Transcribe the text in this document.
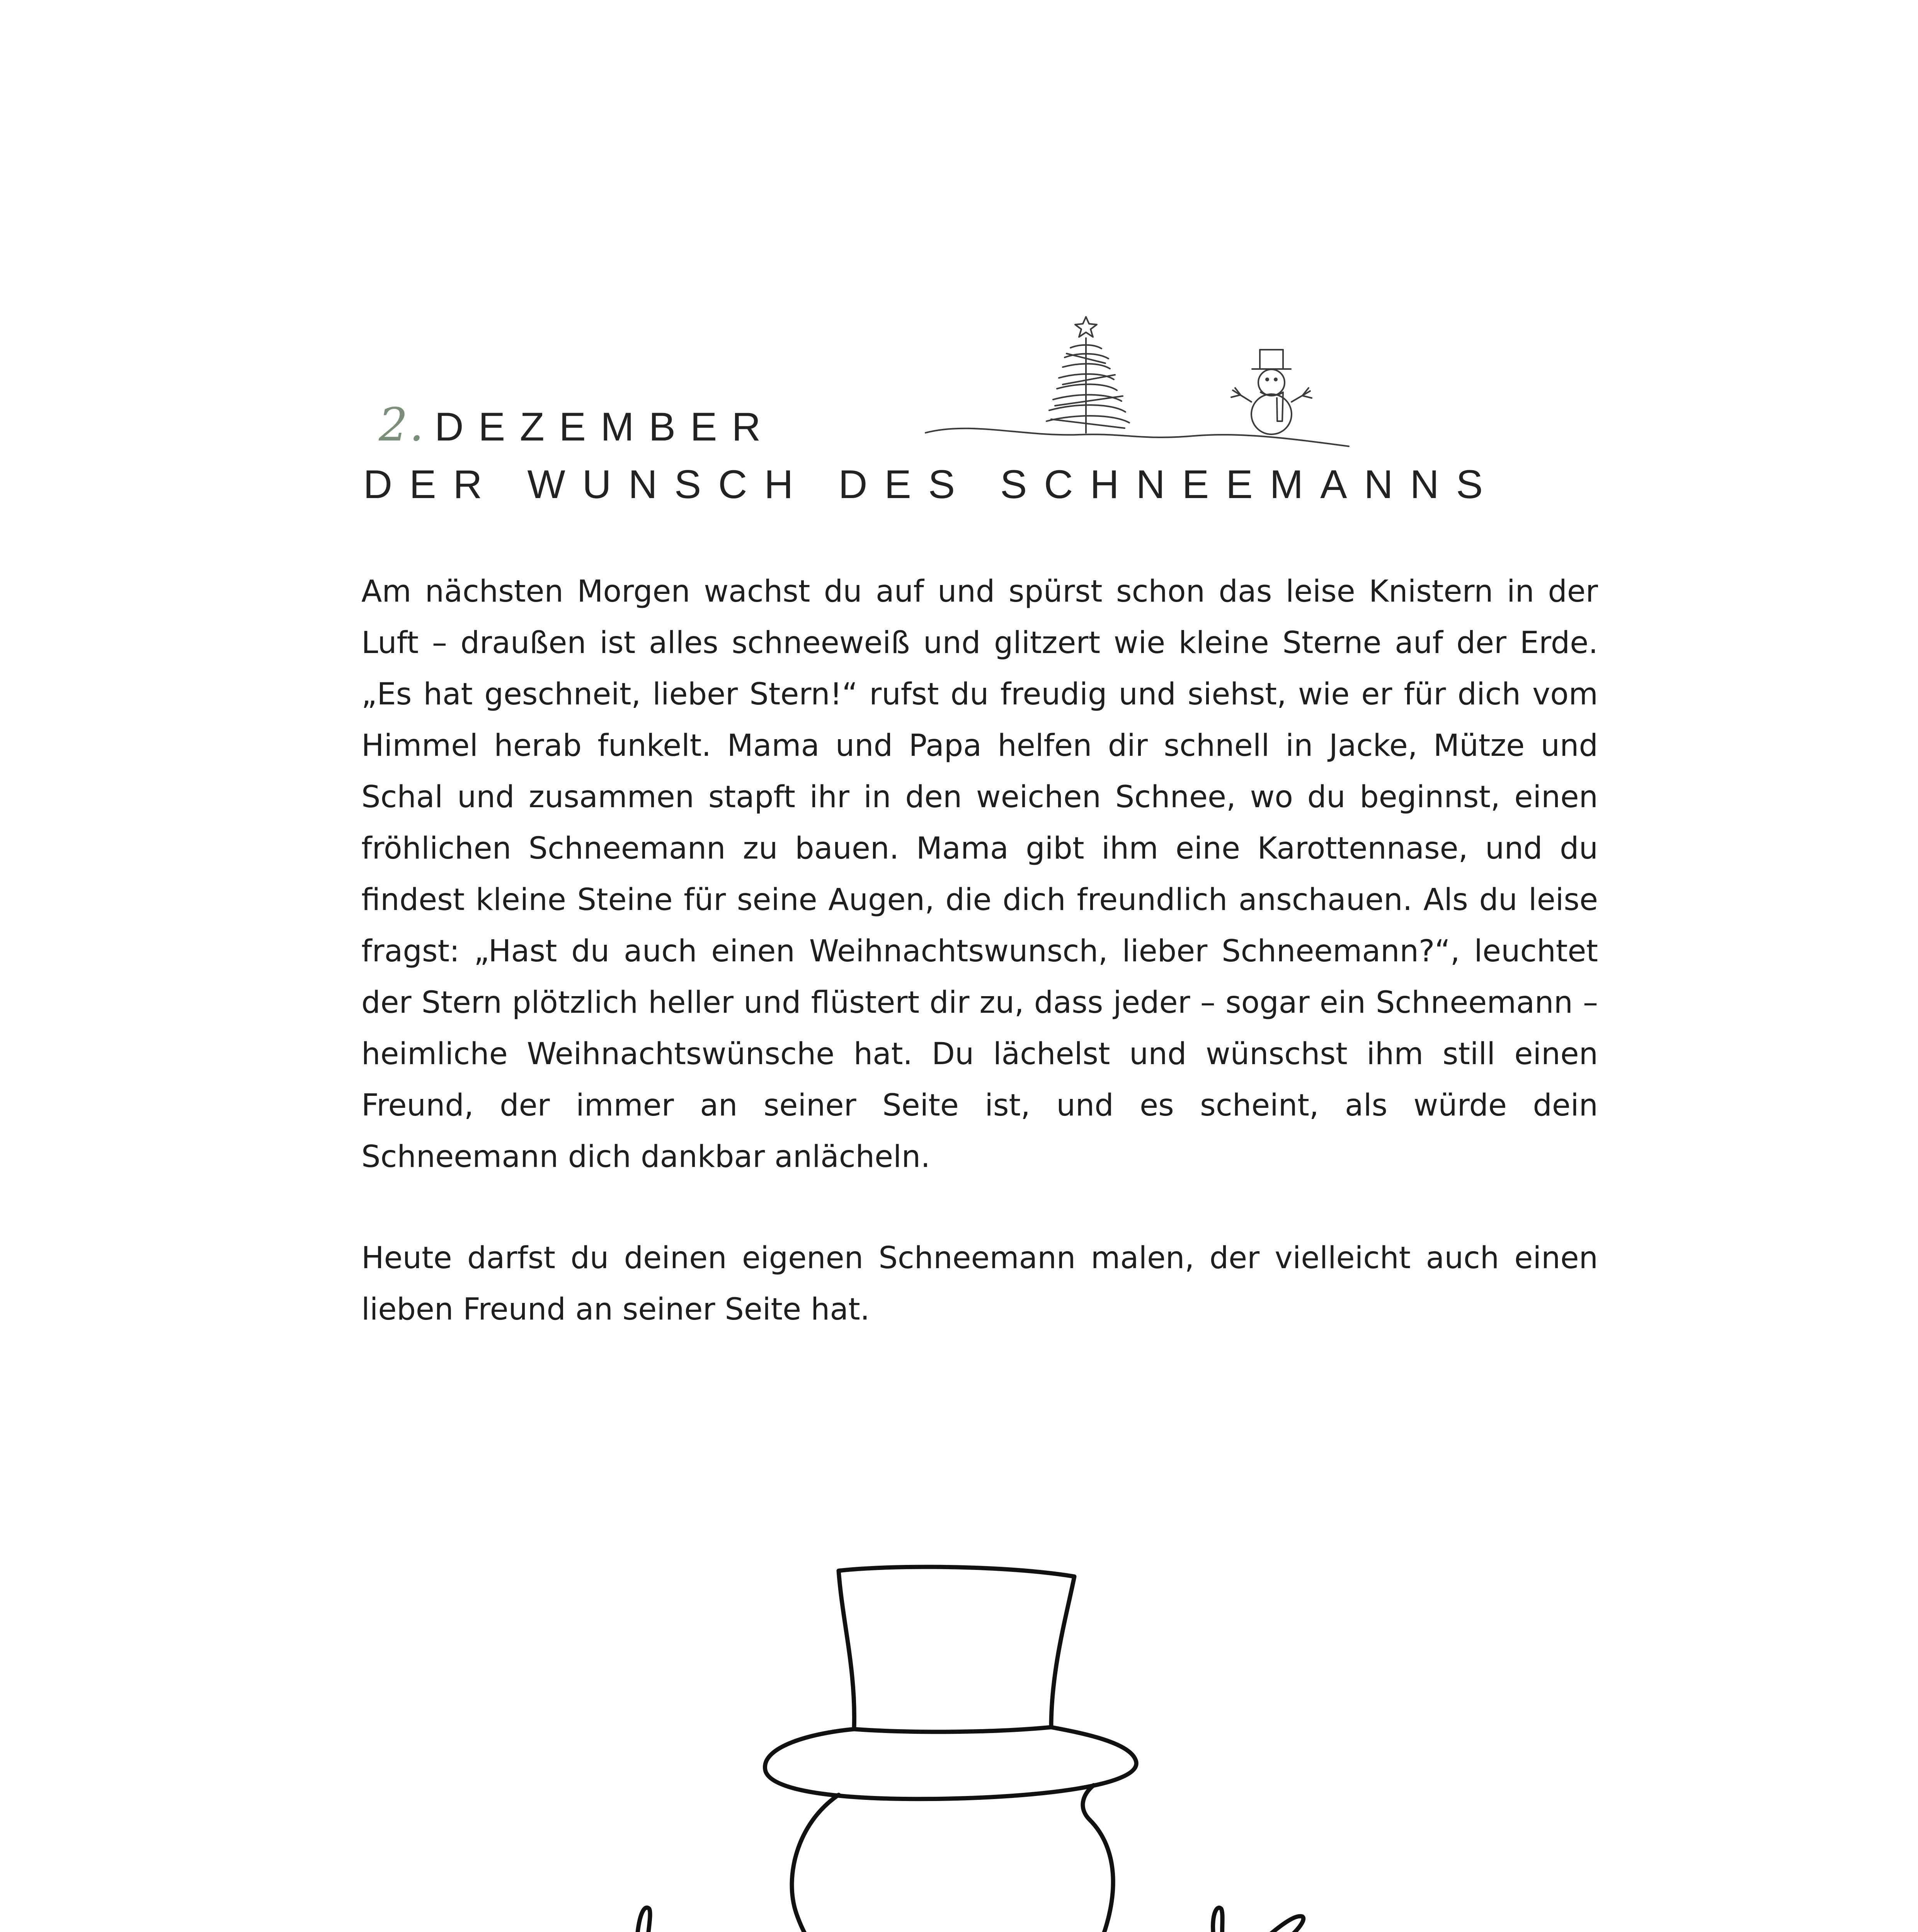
2. DEZEMBER
DER WUNSCH DES SCHNEEMANNS

Am nächsten Morgen wachst du auf und spürst schon das leise Knistern in der Luft – draußen ist alles schneeweiß und glitzert wie kleine Sterne auf der Erde. „Es hat geschneit, lieber Stern!“ rufst du freudig und siehst, wie er für dich vom Himmel herab funkelt. Mama und Papa helfen dir schnell in Jacke, Mütze und Schal und zusammen stapft ihr in den weichen Schnee, wo du beginnst, einen fröhlichen Schneemann zu bauen. Mama gibt ihm eine Karottennase, und du findest kleine Steine für seine Augen, die dich freundlich anschauen. Als du leise fragst: „Hast du auch einen Weihnachtswunsch, lieber Schneemann?“, leuchtet der Stern plötzlich heller und flüstert dir zu, dass jeder – sogar ein Schneemann – heimliche Weihnachtswünsche hat. Du lächelst und wünschst ihm still einen Freund, der immer an seiner Seite ist, und es scheint, als würde dein Schneemann dich dankbar anlächeln.

Heute darfst du deinen eigenen Schneemann malen, der vielleicht auch einen lieben Freund an seiner Seite hat.
